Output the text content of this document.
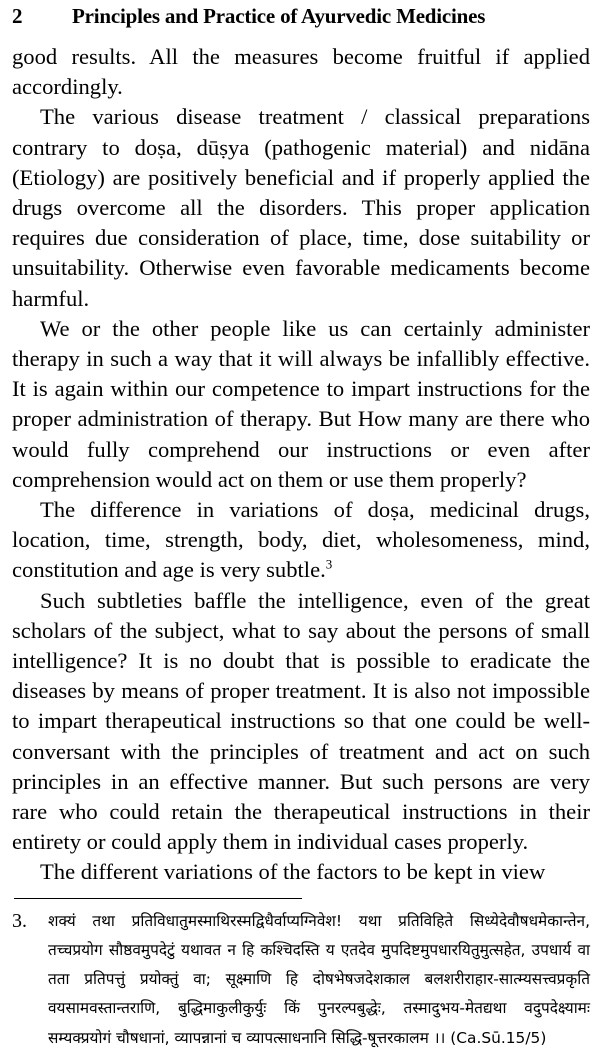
2	Principles and Practice of Ayurvedic Medicines

good results. All the measures become fruitful if applied accordingly.

The various disease treatment / classical preparations contrary to doṣa, dūṣya (pathogenic material) and nidāna (Etiology) are positively beneficial and if properly applied the drugs overcome all the disorders. This proper application requires due consideration of place, time, dose suitability or unsuitability. Otherwise even favorable medicaments become harmful.

We or the other people like us can certainly administer therapy in such a way that it will always be infallibly effective. It is again within our competence to impart instructions for the proper administration of therapy. But How many are there who would fully comprehend our instructions or even after comprehension would act on them or use them properly?

The difference in variations of doṣa, medicinal drugs, location, time, strength, body, diet, wholesomeness, mind, constitution and age is very subtle.$^3$

Such subtleties baffle the intelligence, even of the great scholars of the subject, what to say about the persons of small intelligence? It is no doubt that is possible to eradicate the diseases by means of proper treatment. It is also not impossible to impart therapeutical instructions so that one could be well-conversant with the principles of treatment and act on such principles in an effective manner. But such persons are very rare who could retain the therapeutical instructions in their entirety or could apply them in individual cases properly.

The different variations of the factors to be kept in view

3.	शक्यं तथा प्रतिविधातुमस्माथिरस्मद्विधैर्वाप्यग्निवेश! यथा प्रतिविहिते सिध्येदेवौषधमेकान्तेन, तच्चप्रयोग सौष्ठवमुपदेटुं यथावत न हि कश्चिदस्ति य एतदेव मुपदिष्टमुपधारयितुमुत्सहेत, उपधार्य वा तता प्रतिपत्तुं प्रयोक्तुं वा; सूक्ष्माणि हि दोषभेषजदेशकाल बलशरीराहार-सात्म्यसत्त्वप्रकृति वयसामवस्तान्तराणि, बुद्धिमाकुलीकुर्युः किं पुनरल्पबुद्धेः, तस्मादुभय-मेतद्यथा वदुपदेक्ष्यामः सम्यक्प्रयोगं चौषधानां, व्यापन्नानां च व्यापत्साधनानि सिद्धि-षूत्तरकालम ।। (Ca.Sū.15/5)
